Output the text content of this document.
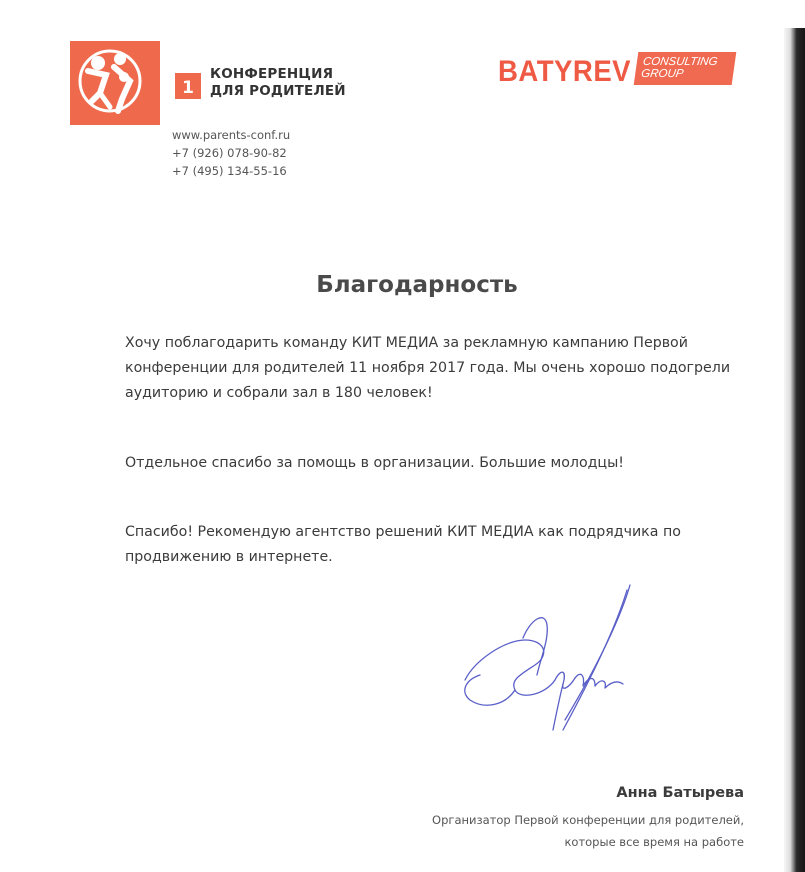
1
КОНФЕРЕНЦИЯ
ДЛЯ РОДИТЕЛЕЙ
www.parents-conf.ru
+7 (926) 078-90-82
+7 (495) 134-55-16
BATYREV CONSULTING
GROUP
Благодарность
Хочу поблагодарить команду КИТ МЕДИА за рекламную кампанию Первой
конференции для родителей 11 ноября 2017 года. Мы очень хорошо подогрели
аудиторию и собрали зал в 180 человек!
Отдельное спасибо за помощь в организации. Большие молодцы!
Спасибо! Рекомендую агентство решений КИТ МЕДИА как подрядчика по
продвижению в интернете.
Анна Батырева
Организатор Первой конференции для родителей,
которые все время на работе
